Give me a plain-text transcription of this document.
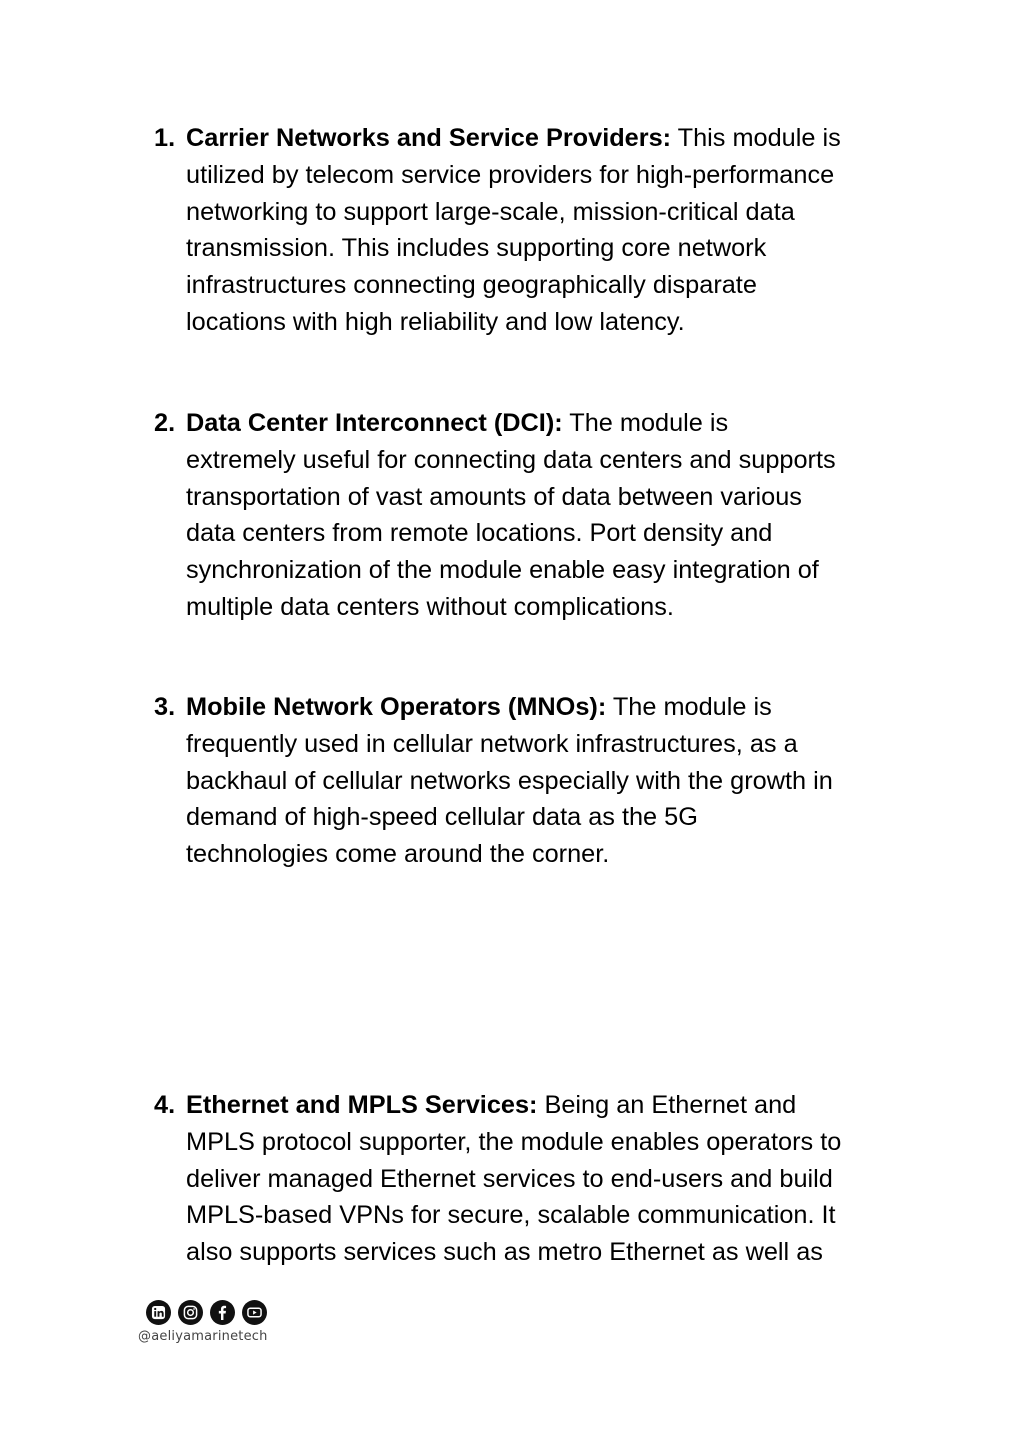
1. Carrier Networks and Service Providers: This module is
utilized by telecom service providers for high-performance
networking to support large-scale, mission-critical data
transmission. This includes supporting core network
infrastructures connecting geographically disparate
locations with high reliability and low latency.
2. Data Center Interconnect (DCI): The module is
extremely useful for connecting data centers and supports
transportation of vast amounts of data between various
data centers from remote locations. Port density and
synchronization of the module enable easy integration of
multiple data centers without complications.
3. Mobile Network Operators (MNOs): The module is
frequently used in cellular network infrastructures, as a
backhaul of cellular networks especially with the growth in
demand of high-speed cellular data as the 5G
technologies come around the corner.
4. Ethernet and MPLS Services: Being an Ethernet and
MPLS protocol supporter, the module enables operators to
deliver managed Ethernet services to end-users and build
MPLS-based VPNs for secure, scalable communication. It
also supports services such as metro Ethernet as well as
@aeliyamarinetech
